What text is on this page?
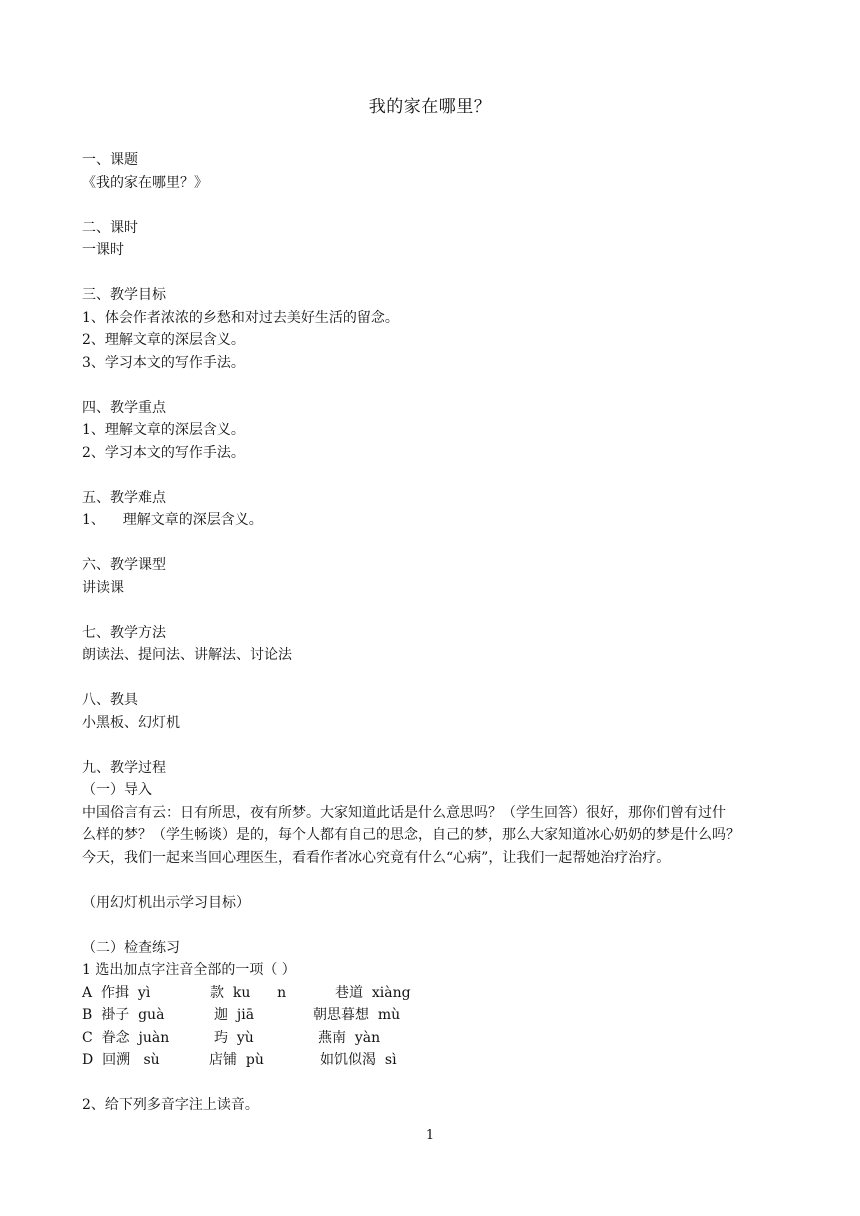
我的家在哪里？
一、课题
《我的家在哪里？》
二、课时
一课时
三、教学目标
1、体会作者浓浓的乡愁和对过去美好生活的留念。
2、理解文章的深层含义。
3、学习本文的写作手法。
四、教学重点
1、理解文章的深层含义。
2、学习本文的写作手法。
五、教学难点
1、    理解文章的深层含义。
六、教学课型
讲读课
七、教学方法
朗读法、提问法、讲解法、讨论法
八、教具
小黑板、幻灯机
九、教学过程
（一）导入
中国俗言有云：日有所思，夜有所梦。大家知道此话是什么意思吗？（学生回答）很好，那你们曾有过什
么样的梦？（学生畅谈）是的，每个人都有自己的思念，自己的梦，那么大家知道冰心奶奶的梦是什么吗？
今天，我们一起来当回心理医生，看看作者冰心究竟有什么“心病”，让我们一起帮她治疗治疗。
（用幻灯机出示学习目标）
（二）检查练习
1 选出加点字注音全部的一项（ ）
A  作揖  yì	款  ku      n	巷道  xiàng
B  褂子  guà	迦  jiā	朝思暮想  mù
C  眷念  juàn	玙  yù	燕南  yàn
D  回溯   sù	店铺  pù	如饥似渴  sì
2、给下列多音字注上读音。
1
